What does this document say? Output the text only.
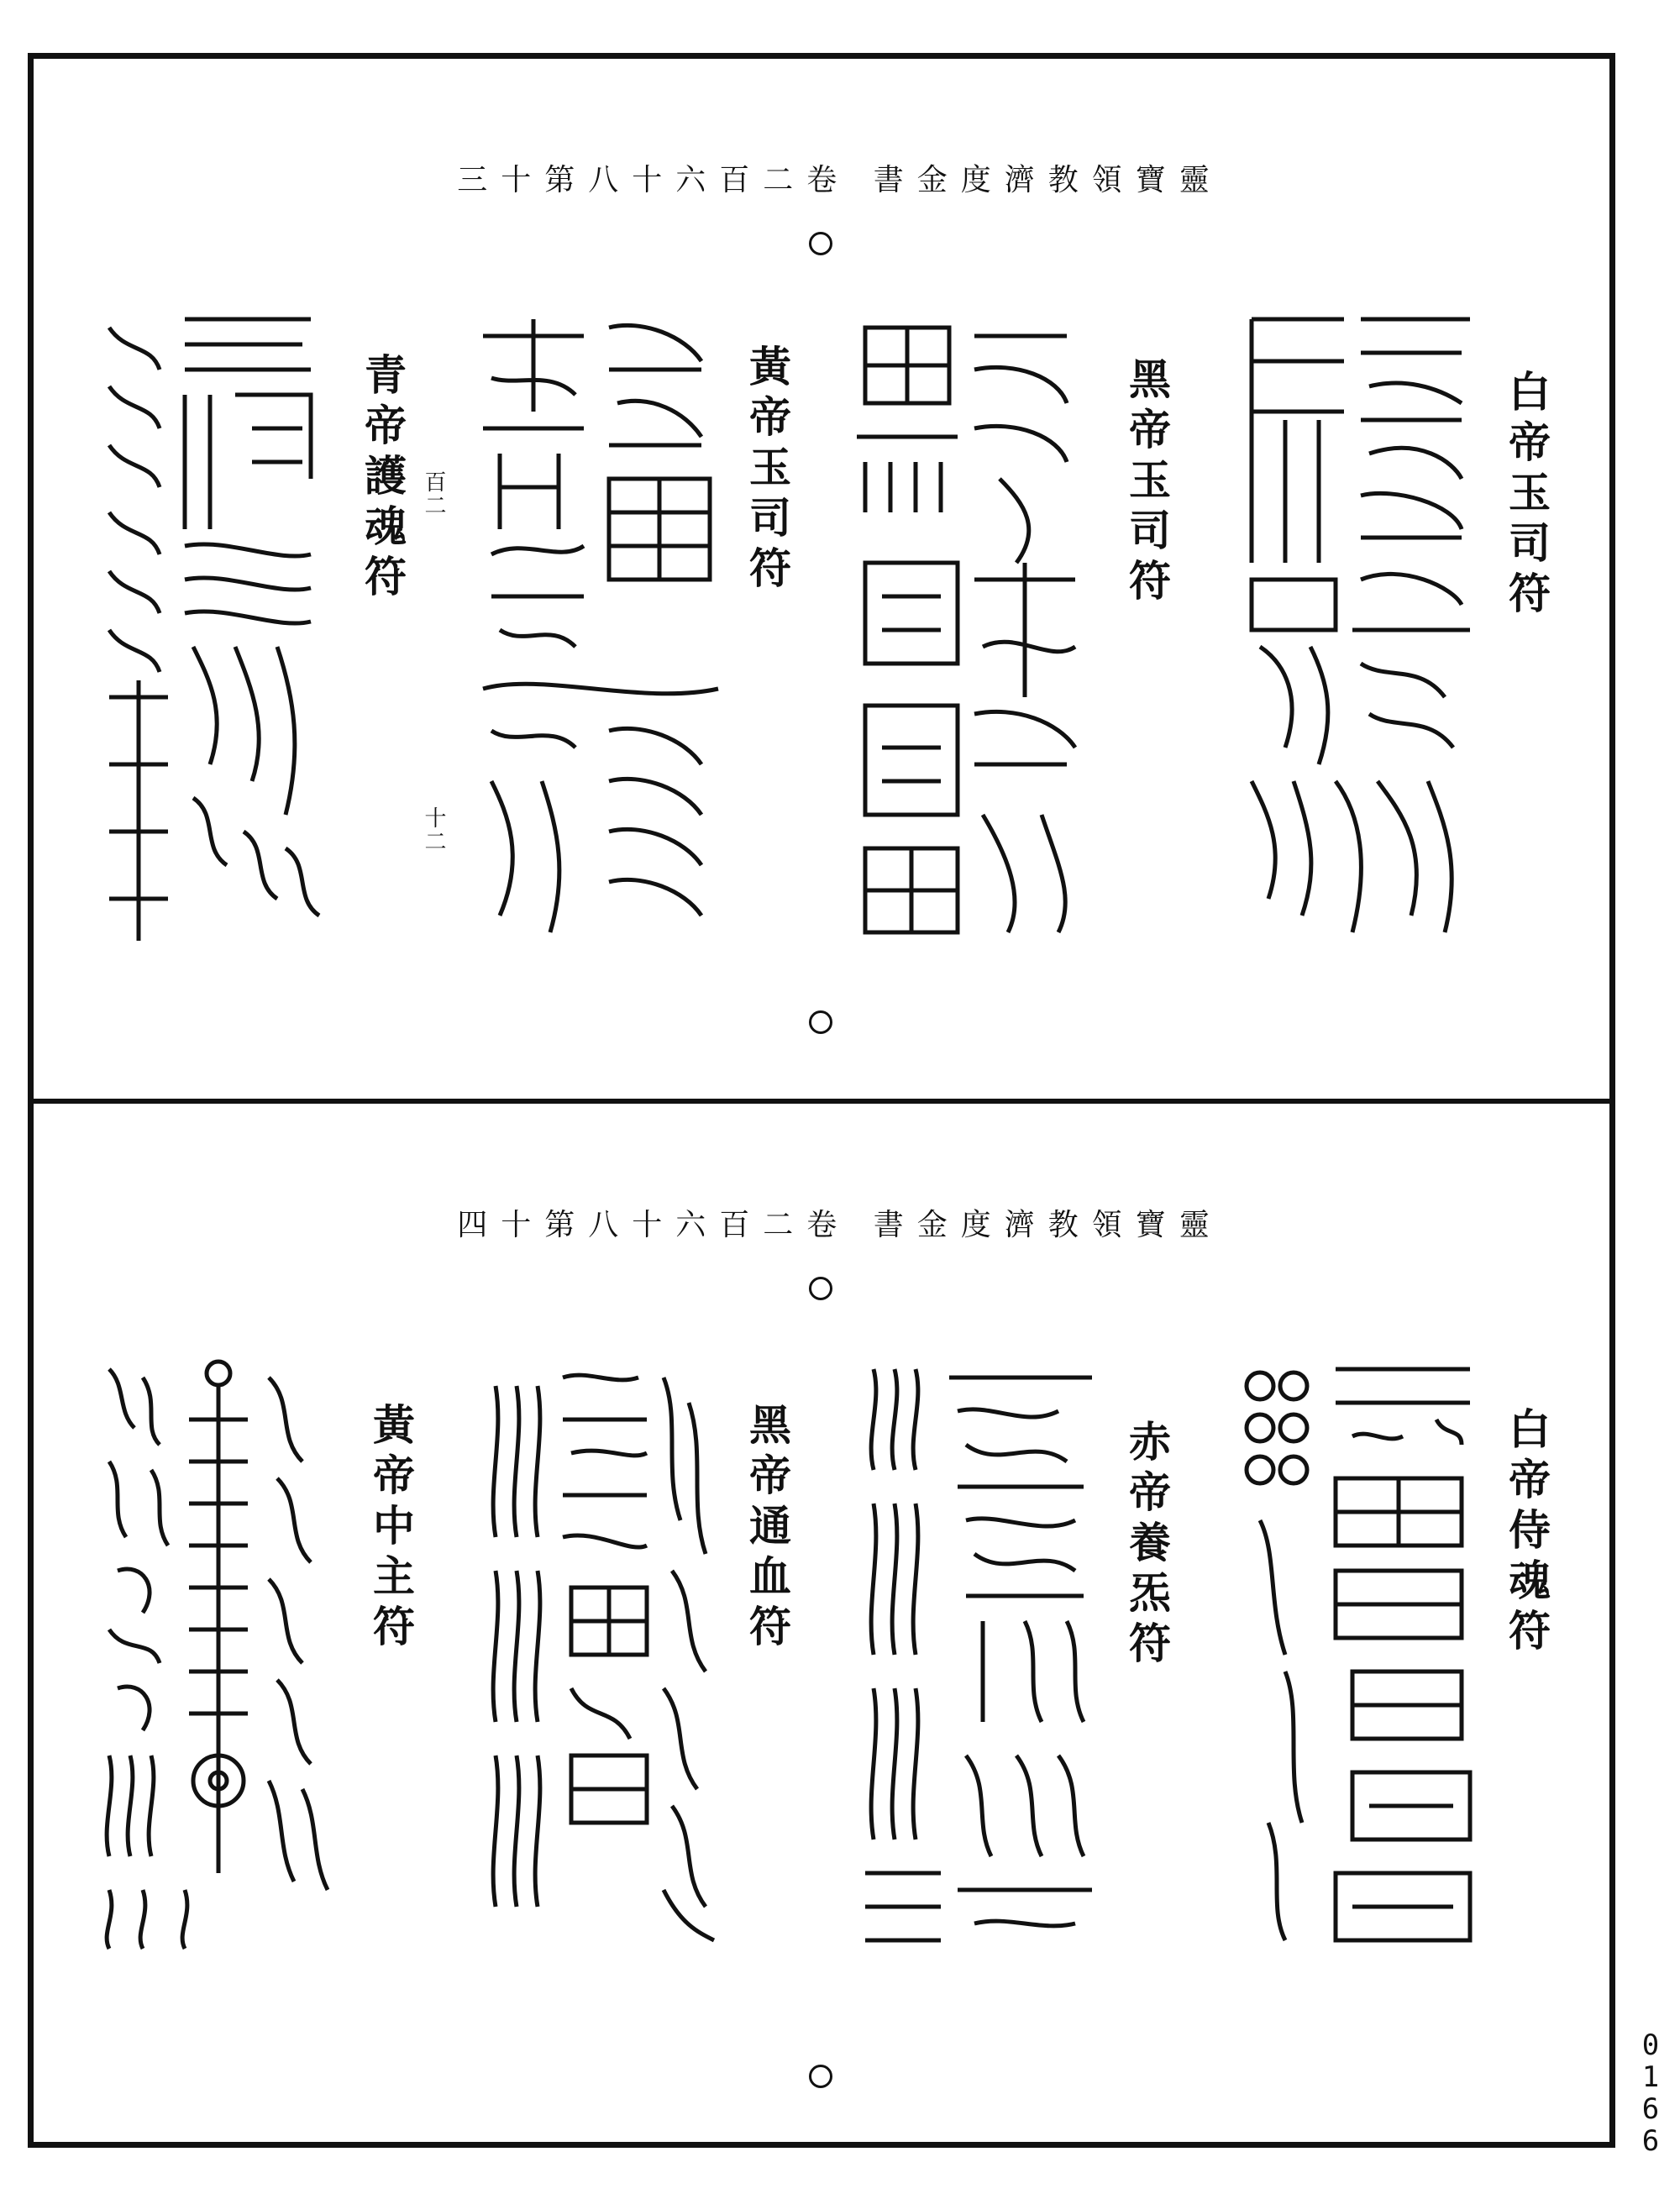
三十第八十六百二卷 書金度濟教領寶靈
白帝玉司符
黑帝玉司符
黃帝玉司符
青帝護魂符 百二
十二
四十第八十六百二卷 書金度濟教領寶靈
白帝侍魂符
赤帝養炁符
黑帝通血符
黃帝中主符
0166
